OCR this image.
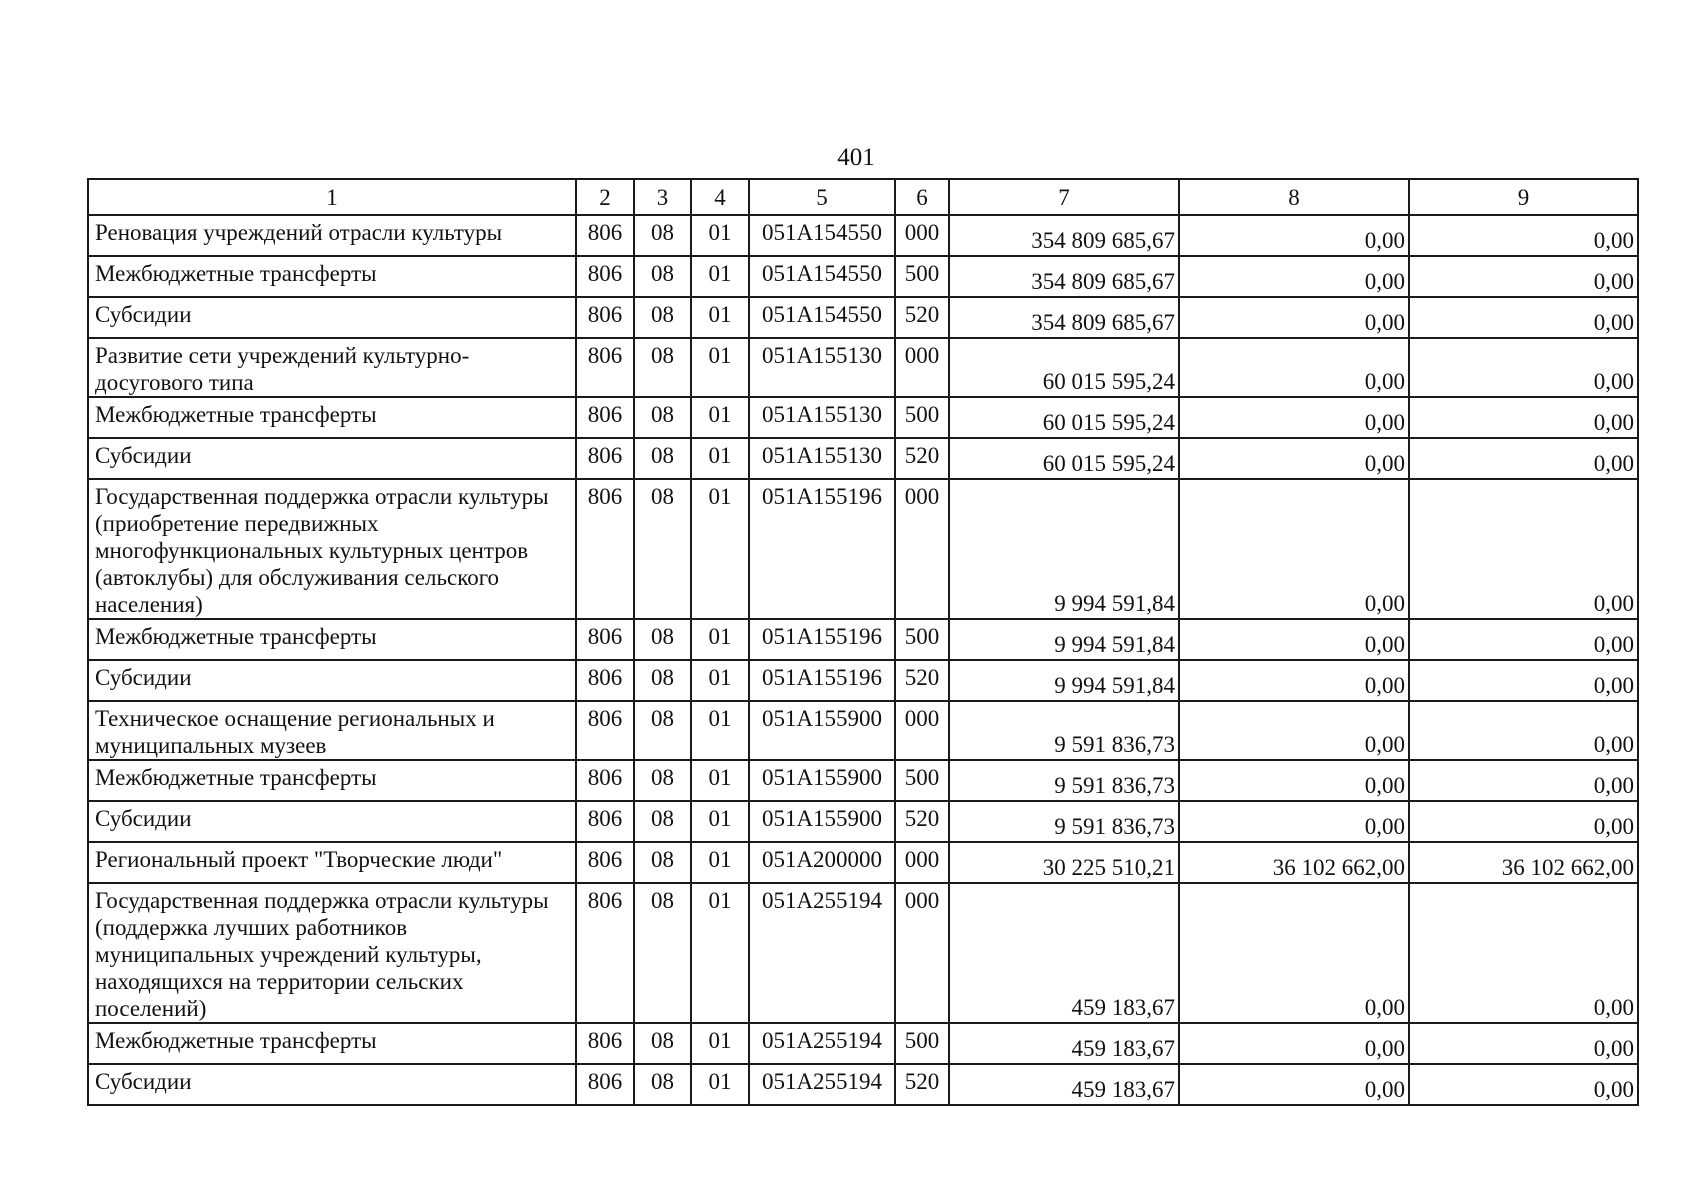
401
1	2	3	4	5	6	7	8	9
Реновация учреждений отрасли культуры	806	08	01	051А154550	000	354 809 685,67	0,00	0,00
Межбюджетные трансферты	806	08	01	051А154550	500	354 809 685,67	0,00	0,00
Субсидии	806	08	01	051А154550	520	354 809 685,67	0,00	0,00
Развитие сети учреждений культурно-досугового типа	806	08	01	051А155130	000	60 015 595,24	0,00	0,00
Межбюджетные трансферты	806	08	01	051А155130	500	60 015 595,24	0,00	0,00
Субсидии	806	08	01	051А155130	520	60 015 595,24	0,00	0,00
Государственная поддержка отрасли культуры (приобретение передвижных многофункциональных культурных центров (автоклубы) для обслуживания сельского населения)	806	08	01	051А155196	000	9 994 591,84	0,00	0,00
Межбюджетные трансферты	806	08	01	051А155196	500	9 994 591,84	0,00	0,00
Субсидии	806	08	01	051А155196	520	9 994 591,84	0,00	0,00
Техническое оснащение региональных и муниципальных музеев	806	08	01	051А155900	000	9 591 836,73	0,00	0,00
Межбюджетные трансферты	806	08	01	051А155900	500	9 591 836,73	0,00	0,00
Субсидии	806	08	01	051А155900	520	9 591 836,73	0,00	0,00
Региональный проект "Творческие люди"	806	08	01	051А200000	000	30 225 510,21	36 102 662,00	36 102 662,00
Государственная поддержка отрасли культуры (поддержка лучших работников муниципальных учреждений культуры, находящихся на территории сельских поселений)	806	08	01	051А255194	000	459 183,67	0,00	0,00
Межбюджетные трансферты	806	08	01	051А255194	500	459 183,67	0,00	0,00
Субсидии	806	08	01	051А255194	520	459 183,67	0,00	0,00
